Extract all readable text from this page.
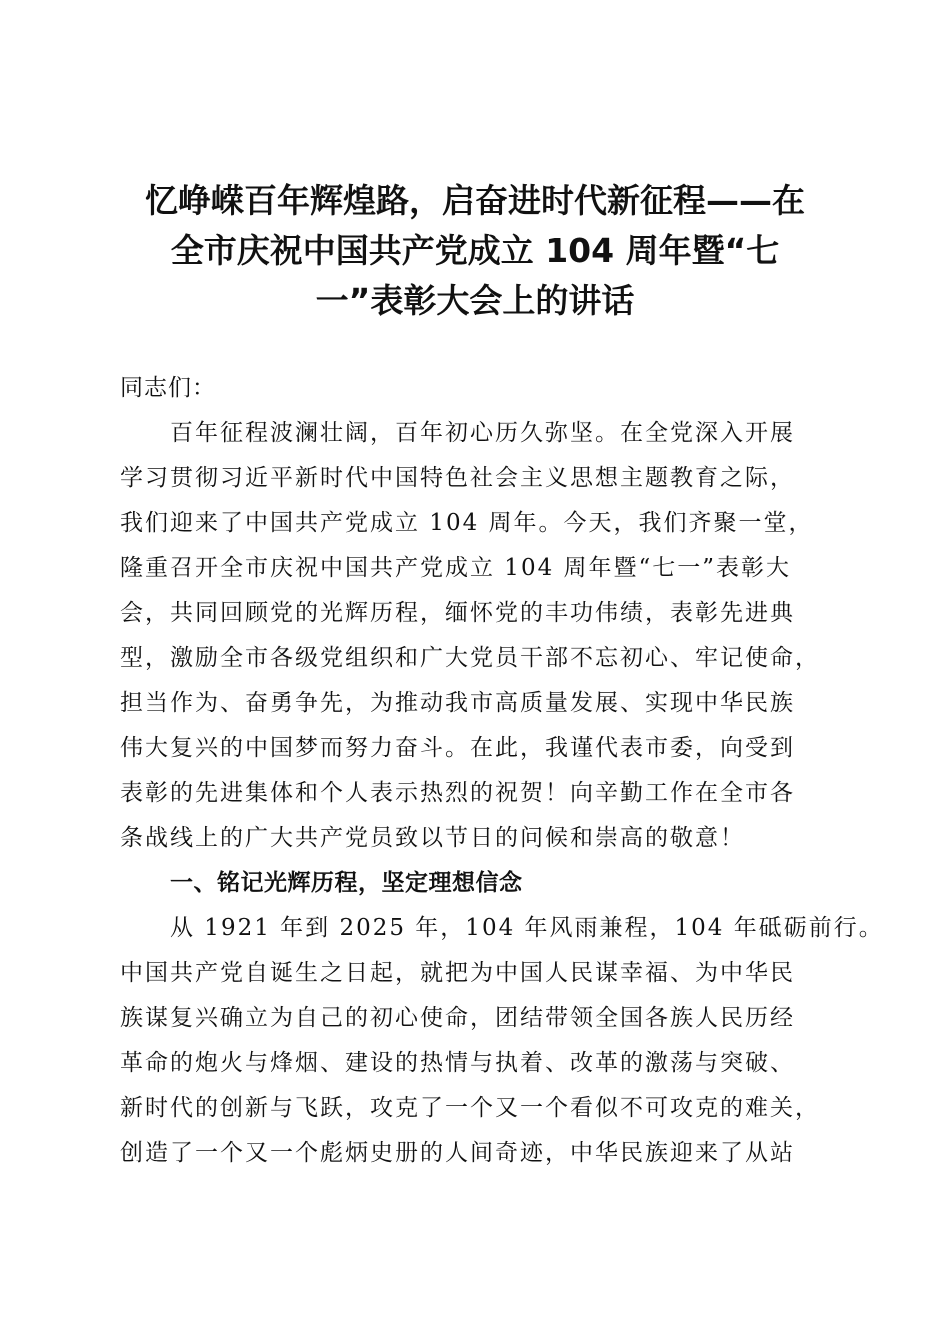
忆峥嵘百年辉煌路，启奋进时代新征程——在
全市庆祝中国共产党成立 104 周年暨“七
一”表彰大会上的讲话
同志们：
百年征程波澜壮阔，百年初心历久弥坚。在全党深入开展
学习贯彻习近平新时代中国特色社会主义思想主题教育之际，
我们迎来了中国共产党成立 104 周年。今天，我们齐聚一堂，
隆重召开全市庆祝中国共产党成立 104 周年暨“七一”表彰大
会，共同回顾党的光辉历程，缅怀党的丰功伟绩，表彰先进典
型，激励全市各级党组织和广大党员干部不忘初心、牢记使命，
担当作为、奋勇争先，为推动我市高质量发展、实现中华民族
伟大复兴的中国梦而努力奋斗。在此，我谨代表市委，向受到
表彰的先进集体和个人表示热烈的祝贺！向辛勤工作在全市各
条战线上的广大共产党员致以节日的问候和崇高的敬意！
一、铭记光辉历程，坚定理想信念
从 1921 年到 2025 年，104 年风雨兼程，104 年砥砺前行。
中国共产党自诞生之日起，就把为中国人民谋幸福、为中华民
族谋复兴确立为自己的初心使命，团结带领全国各族人民历经
革命的炮火与烽烟、建设的热情与执着、改革的激荡与突破、
新时代的创新与飞跃，攻克了一个又一个看似不可攻克的难关，
创造了一个又一个彪炳史册的人间奇迹，中华民族迎来了从站
